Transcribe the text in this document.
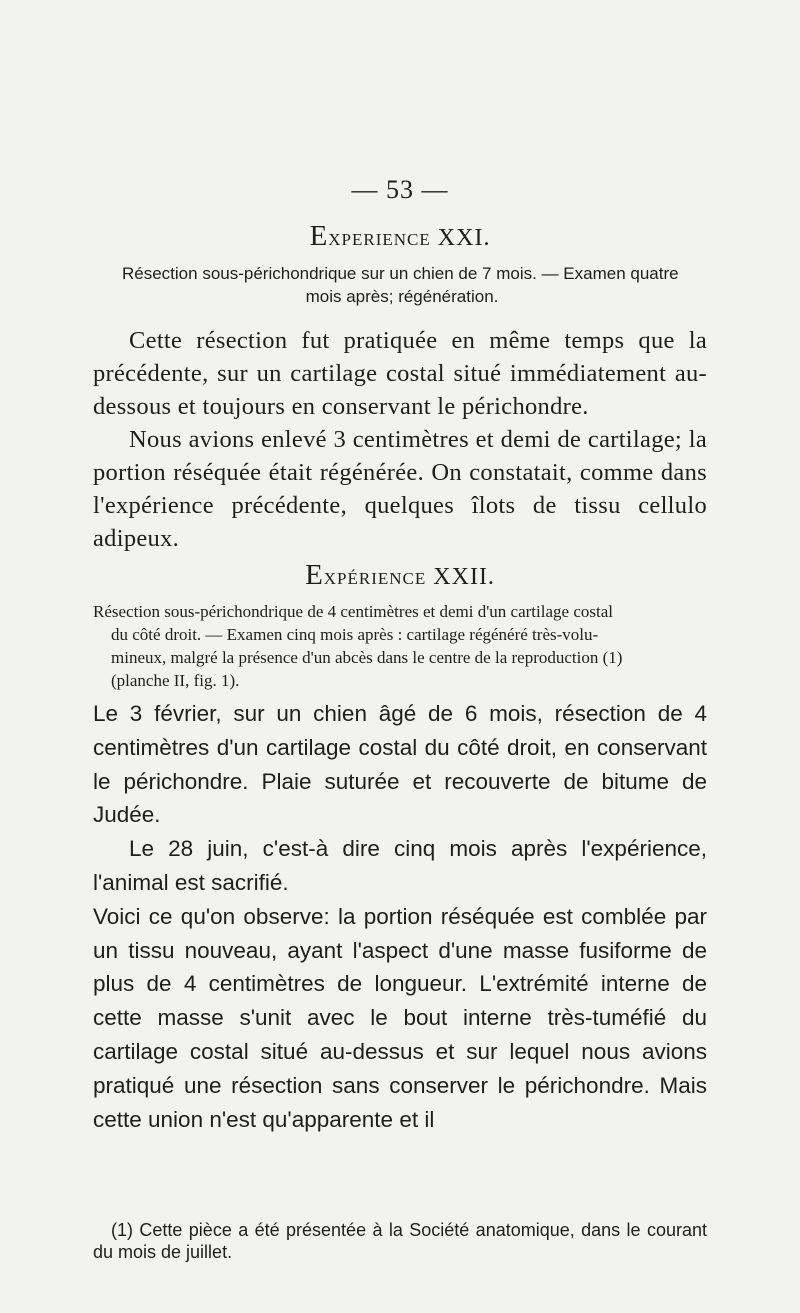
— 53 —
Experience XXI.
Résection sous-périchondrique sur un chien de 7 mois. — Examen quatre
mois après; régénération.

Cette résection fut pratiquée en même temps que la précédente, sur un cartilage costal situé immédiatement au-dessous et toujours en conservant le périchondre.

Nous avions enlevé 3 centimètres et demi de cartilage; la portion réséquée était régénérée. On constatait, comme dans l'expérience précédente, quelques îlots de tissu cellulo adipeux.

Expérience XXII.
Résection sous-périchondrique de 4 centimètres et demi d'un cartilage costal
du côté droit. — Examen cinq mois après : cartilage régénéré très-volu-
mineux, malgré la présence d'un abcès dans le centre de la reproduction (1)
(planche II, fig. 1).

Le 3 février, sur un chien âgé de 6 mois, résection de 4 centimètres d'un cartilage costal du côté droit, en conservant le périchondre. Plaie suturée et recouverte de bitume de Judée.

Le 28 juin, c'est-à dire cinq mois après l'expérience, l'animal est sacrifié.

Voici ce qu'on observe: la portion réséquée est comblée par un tissu nouveau, ayant l'aspect d'une masse fusiforme de plus de 4 centimètres de longueur. L'extrémité interne de cette masse s'unit avec le bout interne très-tuméfié du cartilage costal situé au-dessus et sur lequel nous avions pratiqué une résection sans conserver le périchondre. Mais cette union n'est qu'apparente et il

(1) Cette pièce a été présentée à la Société anatomique, dans le courant du mois de juillet.
